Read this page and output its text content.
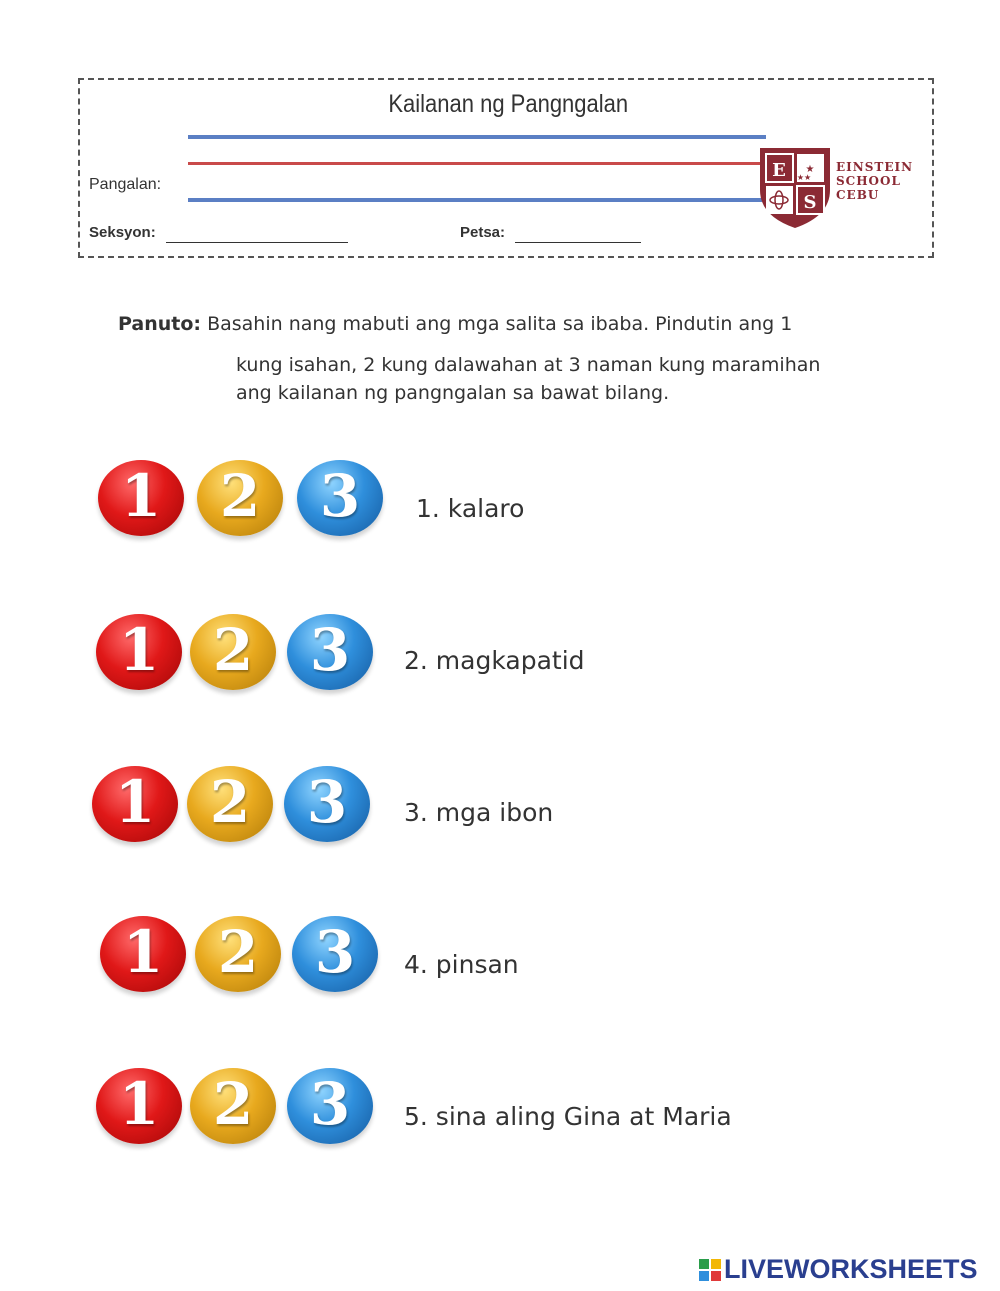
Kailanan ng Pangngalan
Pangalan:
Seksyon:	Petsa:
E
S
★
★★
EINSTEIN
SCHOOL
CEBU
Panuto: Basahin nang mabuti ang mga salita sa ibaba. Pindutin ang 1
kung isahan, 2 kung dalawahan at 3 naman kung maramihan
ang kailanan ng pangngalan sa bawat bilang.
1 2 3 1. kalaro
1 2 3 2. magkapatid
1 2 3 3. mga ibon
1 2 3 4. pinsan
1 2 3 5. sina aling Gina at Maria
LIVEWORKSHEETS
